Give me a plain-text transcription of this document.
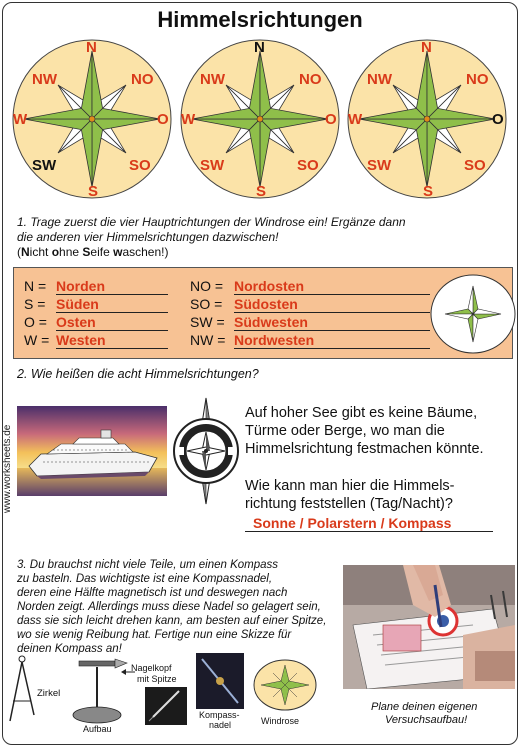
Himmelsrichtungen
N
NO
O
SO
S
SW
W
NW
N
NO
O
SO
S
SW
W
NW
N
NO
O
SO
S
SW
W
NW
1. Trage zuerst die vier Hauptrichtungen der Windrose ein! Ergänze dann
die anderen vier Himmelsrichtungen dazwischen!
(Nicht ohne Seife waschen!)
N = Norden
S = Süden
O = Osten
W = Westen
NO = Nordosten
SO = Südosten
SW = Südwesten
NW = Nordwesten
2. Wie heißen die acht Himmelsrichtungen?
www.worksheets.de
Auf hoher See gibt es keine Bäume,
Türme oder Berge, wo man die
Himmelsrichtung festmachen könnte.
Wie kann man hier die Himmels-
richtung feststellen (Tag/Nacht)?
Sonne / Polarstern / Kompass
3. Du brauchst nicht viele Teile, um einen Kompass
zu basteln. Das wichtigste ist eine Kompassnadel,
deren eine Hälfte magnetisch ist und deswegen nach
Norden zeigt. Allerdings muss diese Nadel so gelagert sein,
dass sie sich leicht drehen kann, am besten auf einer Spitze,
wo sie wenig Reibung hat. Fertige nun eine Skizze für
deinen Kompass an!
Zirkel
Nagelkopf
mit Spitze
Aufbau
Kompass-
nadel	Windrose
Plane deinen eigenen
Versuchsaufbau!
